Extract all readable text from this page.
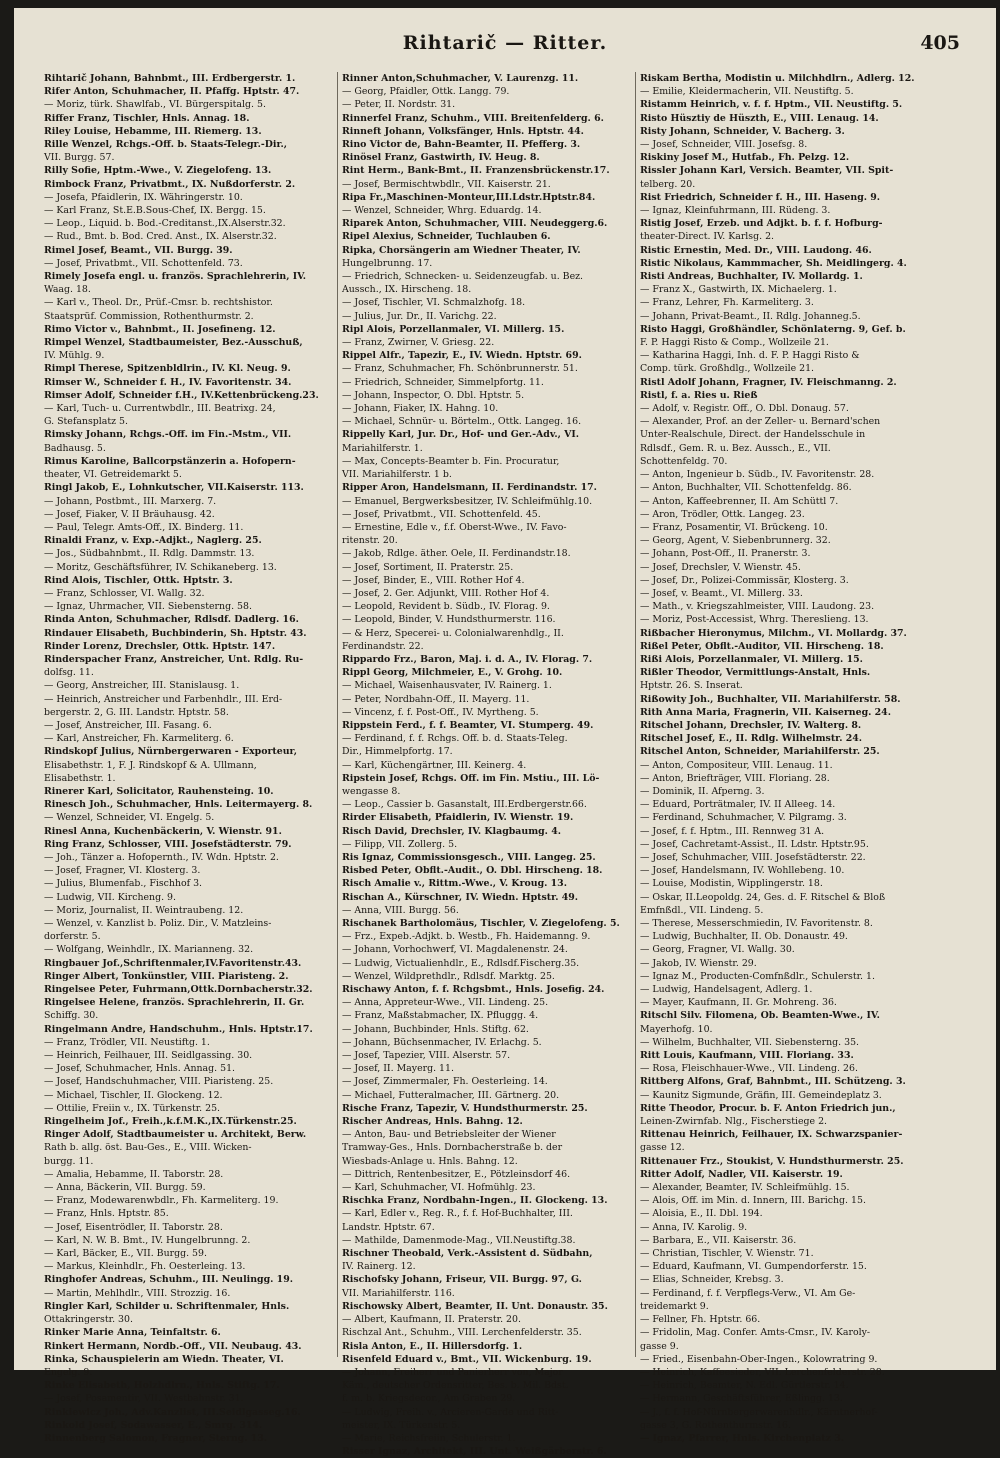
Rihtarič — Ritter.	405
Rihtarič Johann, Bahnbmt., III. Erdbergerstr. 1.
Rifer Anton, Schuhmacher, II. Pfaffg. Hptstr. 47.
— Moriz, türk. Shawlfab., VI. Bürgerspitalg. 5.
Riffer Franz, Tischler, Hnls. Annag. 18.
Riley Louise, Hebamme, III. Riemerg. 13.
Rille Wenzel, Rchgs.-Off. b. Staats-Telegr.-Dir.,
VII. Burgg. 57.
Rilly Sofie, Hptm.-Wwe., V. Ziegelofeng. 13.
Rimbock Franz, Privatbmt., IX. Nußdorferstr. 2.
— Josefa, Pfaidlerin, IX. Währingerstr. 10.
— Karl Franz, St.E.B.Sous-Chef, IX. Bergg. 15.
— Leop., Liquid. b. Bod.-Creditanst.,IX.Alserstr.32.
— Rud., Bmt. b. Bod. Cred. Anst., IX. Alserstr.32.
Rimel Josef, Beamt., VII. Burgg. 39.
— Josef, Privatbmt., VII. Schottenfeld. 73.
Rimely Josefa engl. u. französ. Sprachlehrerin, IV.
Waag. 18.
— Karl v., Theol. Dr., Prüf.-Cmsr. b. rechtshistor.
Staatsprüf. Commission, Rothenthurmstr. 2.
Rimo Victor v., Bahnbmt., II. Josefineng. 12.
Rimpel Wenzel, Stadtbaumeister, Bez.-Ausschuß,
IV. Mühlg. 9.
Rimpl Therese, Spitzenbldlrin., IV. Kl. Neug. 9.
Rimser W., Schneider f. H., IV. Favoritenstr. 34.
Rimser Adolf, Schneider f.H., IV.Kettenbrückeng.23.
— Karl, Tuch- u. Currentwbdlr., III. Beatrixg. 24,
G. Stefansplatz 5.
Rimsky Johann, Rchgs.-Off. im Fin.-Mstm., VII.
Badhausg. 5.
Rimus Karoline, Ballcorpstänzerin a. Hofopern-
theater, VI. Getreidemarkt 5.
Ringl Jakob, E., Lohnkutscher, VII.Kaiserstr. 113.
— Johann, Postbmt., III. Marxerg. 7.
— Josef, Fiaker, V. II Bräuhausg. 42.
— Paul, Telegr. Amts-Off., IX. Binderg. 11.
Rinaldi Franz, v. Exp.-Adjkt., Naglerg. 25.
— Jos., Südbahnbmt., II. Rdlg. Dammstr. 13.
— Moritz, Geschäftsführer, IV. Schikaneberg. 13.
Rind Alois, Tischler, Ottk. Hptstr. 3.
— Franz, Schlosser, VI. Wallg. 32.
— Ignaz, Uhrmacher, VII. Siebensterng. 58.
Rinda Anton, Schuhmacher, Rdlsdf. Dadlerg. 16.
Rindauer Elisabeth, Buchbinderin, Sh. Hptstr. 43.
Rinder Lorenz, Drechsler, Ottk. Hptstr. 147.
Rinderspacher Franz, Anstreicher, Unt. Rdlg. Ru-
dolfsg. 11.
— Georg, Anstreicher, III. Stanislausg. 1.
— Heinrich, Anstreicher und Farbenhdlr., III. Erd-
bergerstr. 2, G. III. Landstr. Hptstr. 58.
— Josef, Anstreicher, III. Fasang. 6.
— Karl, Anstreicher, Fh. Karmeliterg. 6.
Rindskopf Julius, Nürnbergerwaren - Exporteur,
Elisabethstr. 1, F. J. Rindskopf & A. Ullmann,
Elisabethstr. 1.
Rinerer Karl, Solicitator, Rauhensteing. 10.
Rinesch Joh., Schuhmacher, Hnls. Leitermayerg. 8.
— Wenzel, Schneider, VI. Engelg. 5.
Rinesl Anna, Kuchenbäckerin, V. Wienstr. 91.
Ring Franz, Schlosser, VIII. Josefstädterstr. 79.
— Joh., Tänzer a. Hofopernth., IV. Wdn. Hptstr. 2.
— Josef, Fragner, VI. Klosterg. 3.
— Julius, Blumenfab., Fischhof 3.
— Ludwig, VII. Kircheng. 9.
— Moriz, Journalist, II. Weintraubeng. 12.
— Wenzel, v. Kanzlist b. Poliz. Dir., V. Matzleins-
dorferstr. 5.
— Wolfgang, Weinhdlr., IX. Marianneng. 32.
Ringbauer Jof.,Schriftenmaler,IV.Favoritenstr.43.
Ringer Albert, Tonkünstler, VIII. Piaristeng. 2.
Ringelsee Peter, Fuhrmann,Ottk.Dornbacherstr.32.
Ringelsee Helene, französ. Sprachlehrerin, II. Gr.
Schiffg. 30.
Ringelmann Andre, Handschuhm., Hnls. Hptstr.17.
— Franz, Trödler, VII. Neustiftg. 1.
— Heinrich, Feilhauer, III. Seidlgassing. 30.
— Josef, Schuhmacher, Hnls. Annag. 51.
— Josef, Handschuhmacher, VIII. Piaristeng. 25.
— Michael, Tischler, II. Glockeng. 12.
— Ottilie, Freiin v., IX. Türkenstr. 25.
Ringelheim Jof., Freih.,k.f.M.K.,IX.Türkenstr.25.
Ringer Adolf, Stadtbaumeister u. Architekt, Berw.
Rath b. allg. öst. Bau-Ges., E., VIII. Wicken-
burgg. 11.
— Amalia, Hebamme, II. Taborstr. 28.
— Anna, Bäckerin, VII. Burgg. 59.
— Franz, Modewarenwbdlr., Fh. Karmeliterg. 19.
— Franz, Hnls. Hptstr. 85.
— Josef, Eisentrödler, II. Taborstr. 28.
— Karl, N. W. B. Bmt., IV. Hungelbrunng. 2.
— Karl, Bäcker, E., VII. Burgg. 59.
— Markus, Kleinhdlr., Fh. Oesterleing. 13.
Ringhofer Andreas, Schuhm., III. Neulingg. 19.
— Martin, Mehlhdlr., VIII. Strozzig. 16.
Ringler Karl, Schilder u. Schriftenmaler, Hnls.
Ottakringerstr. 30.
Rinker Marie Anna, Teinfaltstr. 6.
Rinkert Hermann, Nordb.-Off., VII. Neubaug. 43.
Rinka, Schauspielerin am Wiedn. Theater, VI.
Engelg. 9.
Rinke Elisabeth, Holzhdlrn., Hnls. Stiftg. 17.
— Josef, Posamentir, VII. Westbahnstr. 31.
Rinkiewicz Joh., Adv.Kanzlist, III.Seidlgasseg.16.
Rinkold Josef, Sodawasser, E., Smrg. 314.
Rinnenberg Salomon, Fragner, Sterng. 13.
Rinner Anton,Schuhmacher, V. Laurenzg. 11.
— Georg, Pfaidler, Ottk. Langg. 79.
— Peter, II. Nordstr. 31.
Rinnerfel Franz, Schuhm., VIII. Breitenfelderg. 6.
Rinneft Johann, Volksfänger, Hnls. Hptstr. 44.
Rino Victor de, Bahn-Beamter, II. Pfefferg. 3.
Rinösel Franz, Gastwirth, IV. Heug. 8.
Rint Herm., Bank-Bmt., II. Franzensbrückenstr.17.
— Josef, Bermischtwbdlr., VII. Kaiserstr. 21.
Ripa Fr.,Maschinen-Monteur,III.Ldstr.Hptstr.84.
— Wenzel, Schneider, Whrg. Eduardg. 14.
Riparek Anton, Schuhmacher, VIII. Neudeggerg.6.
Ripel Alexius, Schneider, Tuchlauben 6.
Ripka, Chorsängerin am Wiedner Theater, IV.
Hungelbrunng. 17.
— Friedrich, Schnecken- u. Seidenzeugfab. u. Bez.
Aussch., IX. Hirscheng. 18.
— Josef, Tischler, VI. Schmalzhofg. 18.
— Julius, Jur. Dr., II. Varichg. 22.
Ripl Alois, Porzellanmaler, VI. Millerg. 15.
— Franz, Zwirner, V. Griesg. 22.
Rippel Alfr., Tapezir, E., IV. Wiedn. Hptstr. 69.
— Franz, Schuhmacher, Fh. Schönbrunnerstr. 51.
— Friedrich, Schneider, Simmelpfortg. 11.
— Johann, Inspector, O. Dbl. Hptstr. 5.
— Johann, Fiaker, IX. Hahng. 10.
— Michael, Schnür- u. Börtelm., Ottk. Langeg. 16.
Rippelly Karl, Jur. Dr., Hof- und Ger.-Adv., VI.
Mariahilferstr. 1.
— Max, Concepts-Beamter b. Fin. Procuratur,
VII. Mariahilferstr. 1 b.
Ripper Aron, Handelsmann, II. Ferdinandstr. 17.
— Emanuel, Bergwerksbesitzer, IV. Schleifmühlg.10.
— Josef, Privatbmt., VII. Schottenfeld. 45.
— Ernestine, Edle v., f.f. Oberst-Wwe., IV. Favo-
ritenstr. 20.
— Jakob, Rdlge. äther. Oele, II. Ferdinandstr.18.
— Josef, Sortiment, II. Praterstr. 25.
— Josef, Binder, E., VIII. Rother Hof 4.
— Josef, 2. Ger. Adjunkt, VIII. Rother Hof 4.
— Leopold, Revident b. Südb., IV. Florag. 9.
— Leopold, Binder, V. Hundsthurmerstr. 116.
— & Herz, Specerei- u. Colonialwarenhdlg., II.
Ferdinandstr. 22.
Rippardo Frz., Baron, Maj. i. d. A., IV. Florag. 7.
Rippl Georg, Milchmeier, E., V. Grohg. 10.
— Michael, Waisenhausvater, IV. Rainerg. 1.
— Peter, Nordbahn-Off., II. Mayerg. 11.
— Vincenz, f. f. Post-Off., IV. Myrtheng. 5.
Rippstein Ferd., f. f. Beamter, VI. Stumperg. 49.
— Ferdinand, f. f. Rchgs. Off. b. d. Staats-Teleg.
Dir., Himmelpfortg. 17.
— Karl, Küchengärtner, III. Keinerg. 4.
Ripstein Josef, Rchgs. Off. im Fin. Mstiu., III. Lö-
wengasse 8.
— Leop., Cassier b. Gasanstalt, III.Erdbergerstr.66.
Rirder Elisabeth, Pfaidlerin, IV. Wienstr. 19.
Risch David, Drechsler, IV. Klagbaumg. 4.
— Filipp, VII. Zollerg. 5.
Ris Ignaz, Commissionsgesch., VIII. Langeg. 25.
Risbed Peter, Obflt.-Audit., O. Dbl. Hirscheng. 18.
Risch Amalie v., Rittm.-Wwe., V. Kroug. 13.
Rischan A., Kürschner, IV. Wiedn. Hptstr. 49.
— Anna, VIII. Burgg. 56.
Rischanek Bartholomäus, Tischler, V. Ziegelofeng. 5.
— Frz., Expeb.-Adjkt. b. Westb., Fh. Haidemanng. 9.
— Johann, Vorhochwerf, VI. Magdalenenstr. 24.
— Ludwig, Victualienhdlr., E., Rdlsdf.Fischerg.35.
— Wenzel, Wildprethdlr., Rdlsdf. Marktg. 25.
Rischawy Anton, f. f. Rchgsbmt., Hnls. Josefig. 24.
— Anna, Appreteur-Wwe., VII. Lindeng. 25.
— Franz, Maßstabmacher, IX. Pfluggg. 4.
— Johann, Buchbinder, Hnls. Stiftg. 62.
— Johann, Büchsenmacher, IV. Erlachg. 5.
— Josef, Tapezier, VIII. Alserstr. 57.
— Josef, II. Mayerg. 11.
— Josef, Zimmermaler, Fh. Oesterleing. 14.
— Michael, Futteralmacher, III. Gärtnerg. 20.
Rische Franz, Tapezir, V. Hundsthurmerstr. 25.
Rischer Andreas, Hnls. Bahng. 12.
— Anton, Bau- und Betriebsleiter der Wiener
Tramway-Ges., Hnls. Dornbacherstraße b. der
Wiesbads-Anlage u. Hnls. Bahng. 12.
— Dittrich, Rentenbesitzer, E., Pötzleinsdorf 46.
— Karl, Schuhmacher, VI. Hofmühlg. 23.
Rischka Franz, Nordbahn-Ingen., II. Glockeng. 13.
— Karl, Edler v., Reg. R., f. f. Hof-Buchhalter, III.
Landstr. Hptstr. 67.
— Mathilde, Damenmode-Mag., VII.Neustiftg.38.
Rischner Theobald, Verk.-Assistent d. Südbahn,
IV. Rainerg. 12.
Rischofsky Johann, Friseur, VII. Burgg. 97, G.
VII. Mariahilferstr. 116.
Rischowsky Albert, Beamter, II. Unt. Donaustr. 35.
— Albert, Kaufmann, II. Praterstr. 20.
Rischzal Ant., Schuhm., VIII. Lerchenfelderstr. 35.
Risla Anton, E., II. Hillersdorfg. 1.
Risenfeld Eduard v., Bmt., VII. Wickenburg. 19.
— Johann, Freiherr und Panierherr von, Major
Käm., deutscher Ordensritter, Bes. b. Mil. Bdst.
f. m. b. Kriegsdecor., Am Graben 29.
— Ludwig, Freih. v., Arcieren-Garde und Ritt-
meister, IX. Türkenstr. 5.
— Marie, Reichsfreiin, Schulerstr. 1.
Risser Ignaz, Architekt, III. Unt. Weißgärberstr. 6.
Riskam Bertha, Modistin u. Milchhdlrn., Adlerg. 12.
— Emilie, Kleidermacherin, VII. Neustiftg. 5.
Ristamm Heinrich, v. f. f. Hptm., VII. Neustiftg. 5.
Risto Hüsztiy de Hüszth, E., VIII. Lenaug. 14.
Risty Johann, Schneider, V. Bacherg. 3.
— Josef, Schneider, VIII. Josefsg. 8.
Riskiny Josef M., Hutfab., Fh. Pelzg. 12.
Rissler Johann Karl, Versich. Beamter, VII. Spit-
telberg. 20.
Rist Friedrich, Schneider f. H., III. Haseng. 9.
— Ignaz, Kleinfuhrmann, III. Rüdeng. 3.
Ristig Josef, Erzeb. und Adjkt. b. f. f. Hofburg-
theater-Direct. IV. Karlsg. 2.
Ristic Ernestin, Med. Dr., VIII. Laudong. 46.
Ristic Nikolaus, Kammmacher, Sh. Meidlingerg. 4.
Risti Andreas, Buchhalter, IV. Mollardg. 1.
— Franz X., Gastwirth, IX. Michaelerg. 1.
— Franz, Lehrer, Fh. Karmeliterg. 3.
— Johann, Privat-Beamt., II. Rdlg. Johanneg.5.
Risto Haggi, Großhändler, Schönlaterng. 9, Gef. b.
F. P. Haggi Risto & Comp., Wollzeile 21.
— Katharina Haggi, Inh. d. F. P. Haggi Risto &
Comp. türk. Großhdlg., Wollzeile 21.
Ristl Adolf Johann, Fragner, IV. Fleischmanng. 2.
Ristl, f. a. Ries u. Rieß
— Adolf, v. Registr. Off., O. Dbl. Donaug. 57.
— Alexander, Prof. an der Zeller- u. Bernard'schen
Unter-Realschule, Direct. der Handelsschule in
Rdlsdf., Gem. R. u. Bez. Aussch., E., VII.
Schottenfeldg. 70.
— Anton, Ingenieur b. Südb., IV. Favoritenstr. 28.
— Anton, Buchhalter, VII. Schottenfeldg. 86.
— Anton, Kaffeebrenner, II. Am Schüttl 7.
— Aron, Trödler, Ottk. Langeg. 23.
— Franz, Posamentir, VI. Brückeng. 10.
— Georg, Agent, V. Siebenbrunnerg. 32.
— Johann, Post-Off., II. Pranerstr. 3.
— Josef, Drechsler, V. Wienstr. 45.
— Josef, Dr., Polizei-Commissär, Klosterg. 3.
— Josef, v. Beamt., VI. Millerg. 33.
— Math., v. Kriegszahlmeister, VIII. Laudong. 23.
— Moriz, Post-Accessist, Whrg. Thereslieng. 13.
Rißbacher Hieronymus, Milchm., VI. Mollardg. 37.
Rißel Peter, Obflt.-Auditor, VII. Hirscheng. 18.
Rißi Alois, Porzellanmaler, VI. Millerg. 15.
Rißler Theodor, Vermittlungs-Anstalt, Hnls.
Hptstr. 26. S. Inserat.
Rißowity Joh., Buchhalter, VII. Mariahilferstr. 58.
Rith Anna Maria, Fragnerin, VII. Kaiserneg. 24.
Ritschel Johann, Drechsler, IV. Walterg. 8.
Ritschel Josef, E., II. Rdlg. Wilhelmstr. 24.
Ritschel Anton, Schneider, Mariahilferstr. 25.
— Anton, Compositeur, VIII. Lenaug. 11.
— Anton, Briefträger, VIII. Floriang. 28.
— Dominik, II. Afperng. 3.
— Eduard, Porträtmaler, IV. II Alleeg. 14.
— Ferdinand, Schuhmacher, V. Pilgramg. 3.
— Josef, f. f. Hptm., III. Rennweg 31 A.
— Josef, Cachretamt-Assist., II. Ldstr. Hptstr.95.
— Josef, Schuhmacher, VIII. Josefstädterstr. 22.
— Josef, Handelsmann, IV. Wohllebeng. 10.
— Louise, Modistin, Wipplingerstr. 18.
— Oskar, II.Leopoldg. 24, Ges. d. F. Ritschel & Bloß
Emfnßdl., VII. Lindeng. 5.
— Therese, Messerschmiedin, IV. Favoritenstr. 8.
— Ludwig, Buchhalter, II. Ob. Donaustr. 49.
— Georg, Fragner, VI. Wallg. 30.
— Jakob, IV. Wienstr. 29.
— Ignaz M., Producten-Comfnßdlr., Schulerstr. 1.
— Ludwig, Handelsagent, Adlerg. 1.
— Mayer, Kaufmann, II. Gr. Mohreng. 36.
Ritschl Silv. Filomena, Ob. Beamten-Wwe., IV.
Mayerhofg. 10.
— Wilhelm, Buchhalter, VII. Siebensterng. 35.
Ritt Louis, Kaufmann, VIII. Floriang. 33.
— Rosa, Fleischhauer-Wwe., VII. Lindeng. 26.
Rittberg Alfons, Graf, Bahnbmt., III. Schützeng. 3.
— Kaunitz Sigmunde, Gräfin, III. Gemeindeplatz 3.
Ritte Theodor, Procur. b. F. Anton Friedrich jun.,
Leinen-Zwirnfab. Nlg., Fischerstiege 2.
Rittenau Heinrich, Feilhauer, IX. Schwarzspanier-
gasse 12.
Rittenauer Frz., Stoukist, V. Hundsthurmerstr. 25.
Ritter Adolf, Nadler, VII. Kaiserstr. 19.
— Alexander, Beamter, IV. Schleifmühlg. 15.
— Alois, Off. im Min. d. Innern, III. Barichg. 15.
— Aloisia, E., II. Dbl. 194.
— Anna, IV. Karolig. 9.
— Barbara, E., VII. Kaiserstr. 36.
— Christian, Tischler, V. Wienstr. 71.
— Eduard, Kaufmann, VI. Gumpendorferstr. 15.
— Elias, Schneider, Krebsg. 3.
— Ferdinand, f. f. Verpflegs-Verw., VI. Am Ge-
treidemarkt 9.
— Fellner, Fh. Hptstr. 66.
— Fridolin, Mag. Confer. Amts-Cmsr., IV. Karoly-
gasse 9.
— Fried., Eisenbahn-Ober-Ingen., Kolowratring 9.
— Heinrich, Kaffeesieder, VII. Lerchenfelderstr. 28.
— Heinrich, Beamter, N. Edl. Gürtlerstr. 14.
— Hermann, Geschäftsführer, Eßlingg. 13.
— J., f. f. Hof-Nürnbergerwarenhdlr., Kärntnerhof-
gasse 3, G. Rothenthurmstr. 16.
— Ignaz, Pfarrer, Hnls. Kirchenplatz 3.
